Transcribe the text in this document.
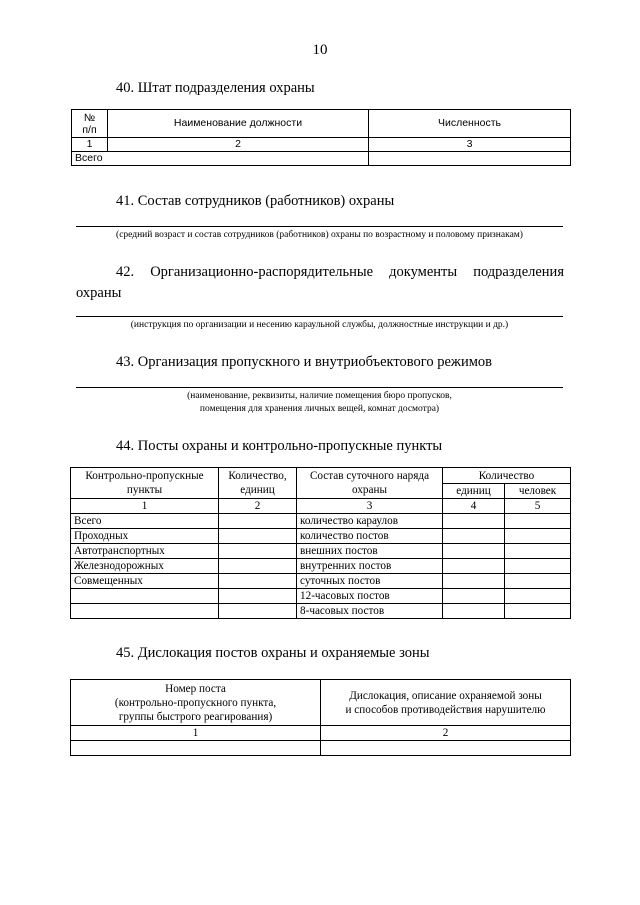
10
40. Штат подразделения охраны
№
п/п	Наименование должности	Численность
1	2	3
Всего		
41. Состав сотрудников (работников) охраны
(средний возраст и состав сотрудников (работников) охраны по возрастному и половому признакам)
42. Организационно-распорядительные документы подразделения
охраны
(инструкция по организации и несению караульной службы, должностные инструкции и др.)
43. Организация пропускного и внутриобъектового режимов
(наименование, реквизиты, наличие помещения бюро пропусков,
помещения для хранения личных вещей, комнат досмотра)
44. Посты охраны и контрольно-пропускные пункты
Контрольно-пропускные пункты	Количество, единиц	Состав суточного наряда охраны	Количество	
			единиц	человек
1	2	3	4	5
Всего		количество караулов		
Проходных		количество постов		
Автотранспортных		внешних постов		
Железнодорожных		внутренних постов		
Совмещенных		суточных постов		
		12-часовых постов		
		8-часовых постов		
45. Дислокация постов охраны и охраняемые зоны
Номер поста
(контрольно-пропускного пункта,
группы быстрого реагирования)	Дислокация, описание охраняемой зоны
и способов противодействия нарушителю
1	2
